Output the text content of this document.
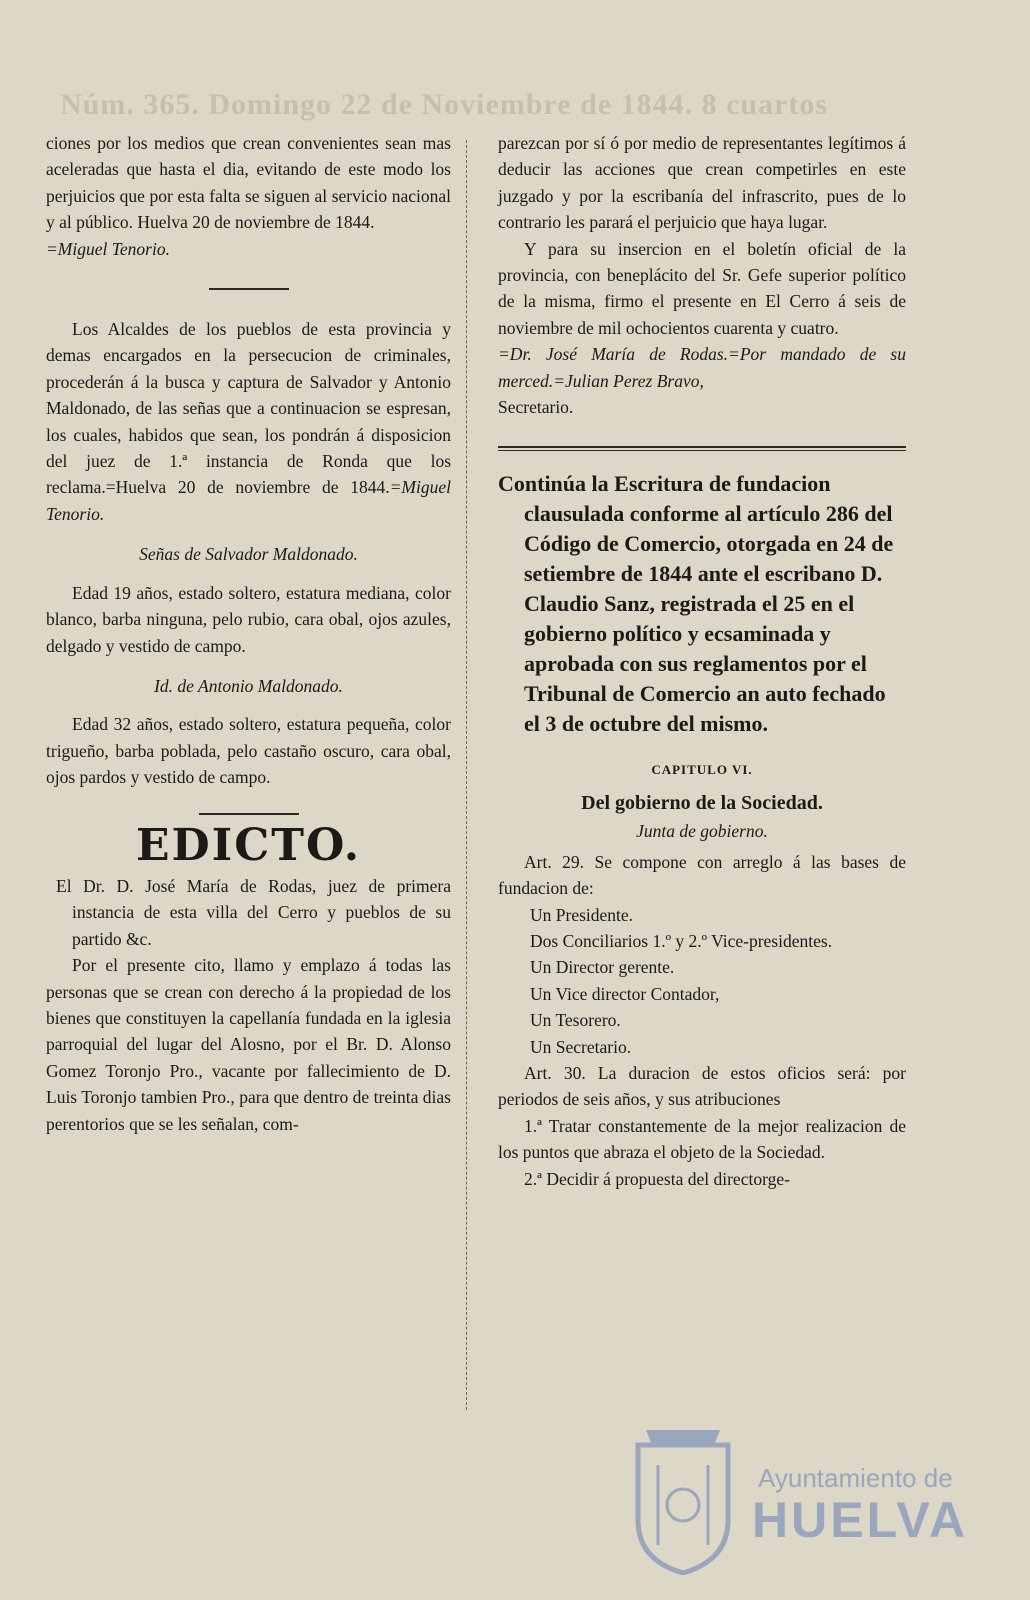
Núm. 365. Domingo 22 de Noviembre de 1844. 8 cuartos

ciones por los medios que crean convenientes sean mas aceleradas que hasta el dia, evitando de este modo los perjuicios que por esta falta se siguen al servicio nacional y al público. Huelva 20 de noviembre de 1844.
=Miguel Tenorio.

Los Alcaldes de los pueblos de esta provincia y demas encargados en la persecucion de criminales, procederán á la busca y captura de Salvador y Antonio Maldonado, de las señas que a continuacion se espresan, los cuales, habidos que sean, los pondrán á disposicion del juez de 1.ª instancia de Ronda que los reclama.=Huelva 20 de noviembre de 1844.=Miguel Tenorio.

Señas de Salvador Maldonado.

Edad 19 años, estado soltero, estatura mediana, color blanco, barba ninguna, pelo rubio, cara obal, ojos azules, delgado y vestido de campo.

Id. de Antonio Maldonado.

Edad 32 años, estado soltero, estatura pequeña, color trigueño, barba poblada, pelo castaño oscuro, cara obal, ojos pardos y vestido de campo.

EDICTO.

El Dr. D. José María de Rodas, juez de primera instancia de esta villa del Cerro y pueblos de su partido &c.

Por el presente cito, llamo y emplazo á todas las personas que se crean con derecho á la propiedad de los bienes que constituyen la capellanía fundada en la iglesia parroquial del lugar del Alosno, por el Br. D. Alonso Gomez Toronjo Pro., vacante por fallecimiento de D. Luis Toronjo tambien Pro., para que dentro de treinta dias perentorios que se les señalan, com-

parezcan por sí ó por medio de representantes legítimos á deducir las acciones que crean competirles en este juzgado y por la escribanía del infrascrito, pues de lo contrario les parará el perjuicio que haya lugar.

Y para su insercion en el boletín oficial de la provincia, con beneplácito del Sr. Gefe superior político de la misma, firmo el presente en El Cerro á seis de noviembre de mil ochocientos cuarenta y cuatro.
=Dr. José María de Rodas.=Por mandado de su merced.=Julian Perez Bravo,
Secretario.

Continúa la Escritura de fundacion clausulada conforme al artículo 286 del Código de Comercio, otorgada en 24 de setiembre de 1844 ante el escribano D. Claudio Sanz, registrada el 25 en el gobierno político y ecsaminada y aprobada con sus reglamentos por el Tribunal de Comercio an auto fechado el 3 de octubre del mismo.
CAPITULO VI.
Del gobierno de la Sociedad.
Junta de gobierno.

Art. 29. Se compone con arreglo á las bases de fundacion de:

Un Presidente.
Dos Conciliarios 1.º y 2.º Vice-presidentes.
Un Director gerente.
Un Vice director Contador,
Un Tesorero.
Un Secretario.

Art. 30. La duracion de estos oficios será: por periodos de seis años, y sus atribuciones

1.ª Tratar constantemente de la mejor realizacion de los puntos que abraza el objeto de la Sociedad.

2.ª Decidir á propuesta del directorge-

Ayuntamiento de
HUELVA
